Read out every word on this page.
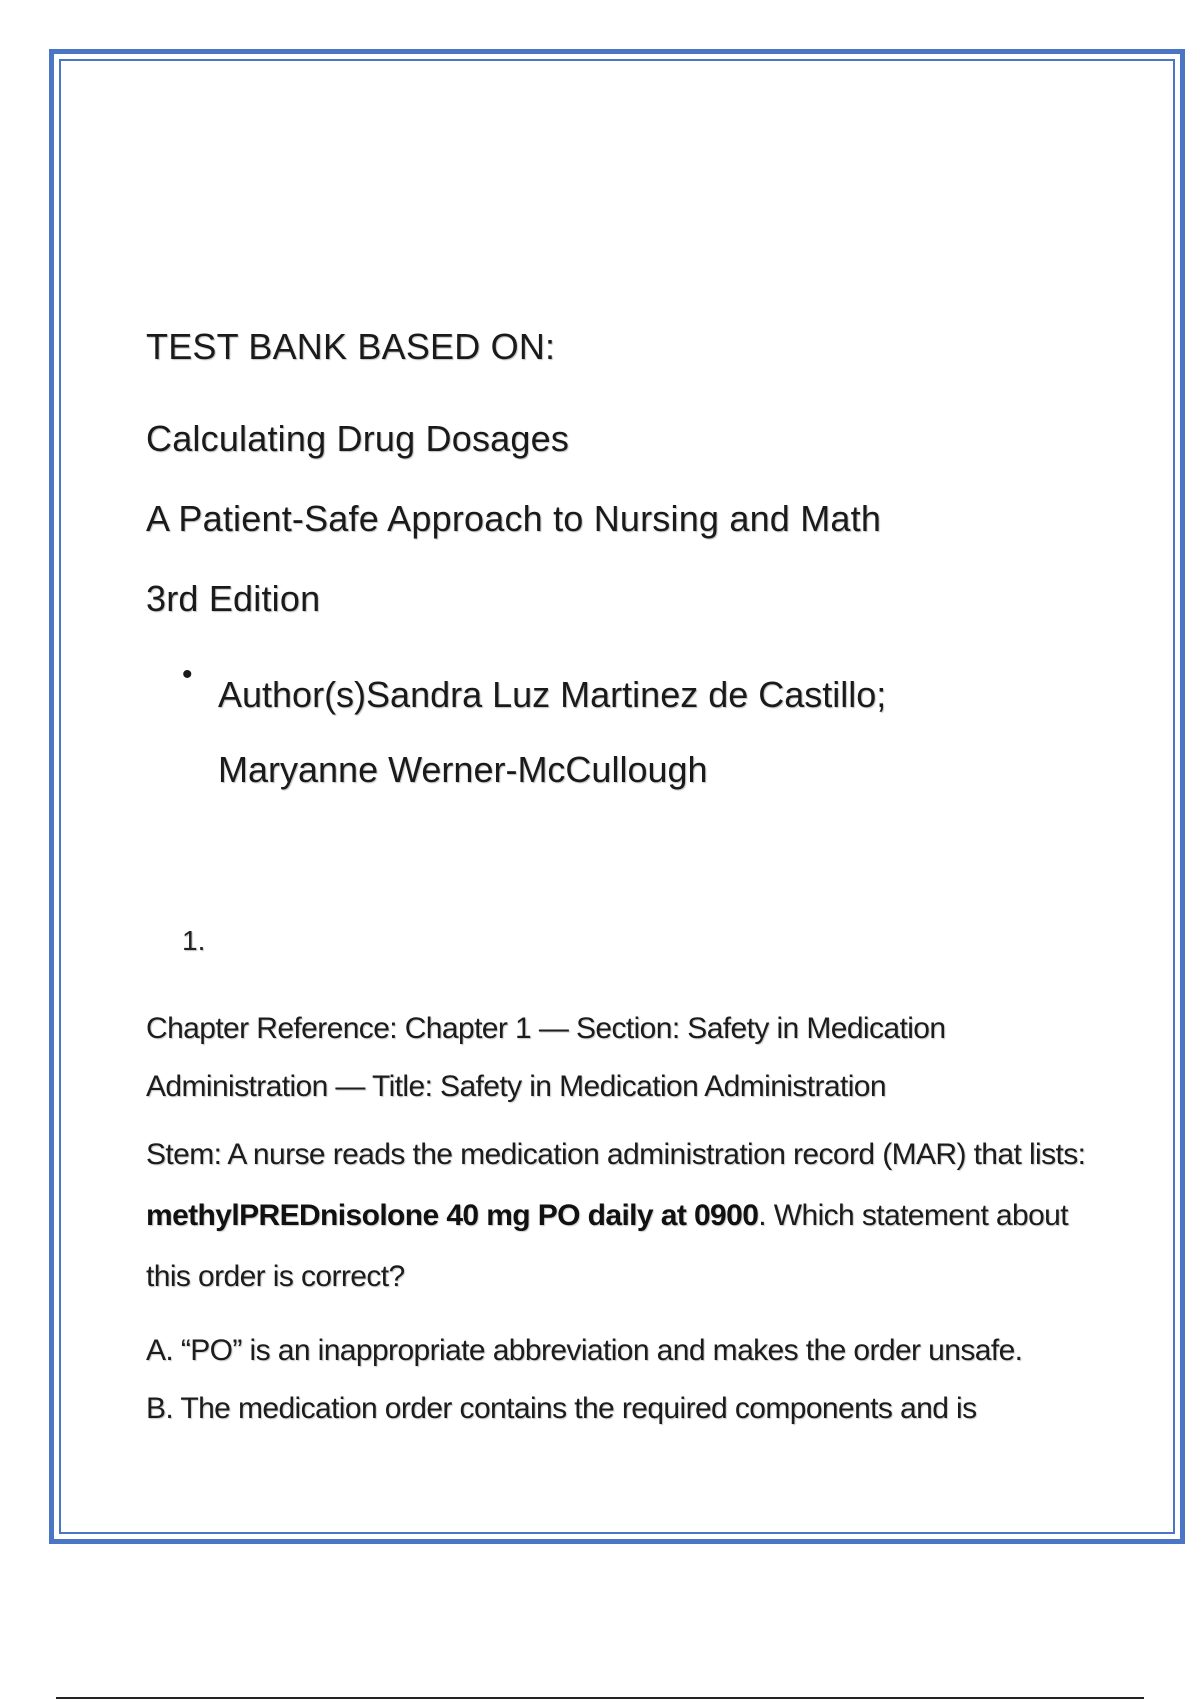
TEST BANK BASED ON:
Calculating Drug Dosages
A Patient-Safe Approach to Nursing and Math
3rd Edition
• Author(s)Sandra Luz Martinez de Castillo;
Maryanne Werner-McCullough
1.
Chapter Reference: Chapter 1 — Section: Safety in Medication Administration — Title: Safety in Medication Administration
Stem: A nurse reads the medication administration record (MAR) that lists: methylPREDnisolone 40 mg PO daily at 0900. Which statement about this order is correct?
A. “PO” is an inappropriate abbreviation and makes the order unsafe.
B. The medication order contains the required components and is
